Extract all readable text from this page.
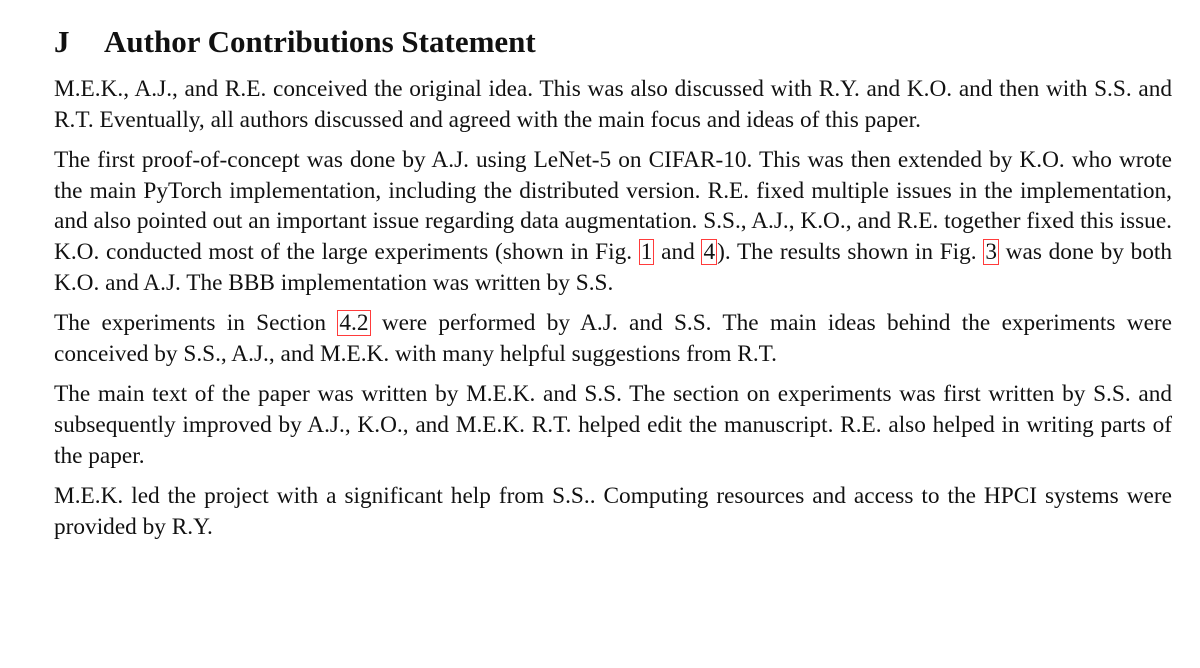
J	Author Contributions Statement

M.E.K., A.J., and R.E. conceived the original idea. This was also discussed with R.Y. and K.O. and then with S.S. and R.T. Eventually, all authors discussed and agreed with the main focus and ideas of this paper.

The first proof-of-concept was done by A.J. using LeNet-5 on CIFAR-10. This was then extended by K.O. who wrote the main PyTorch implementation, including the distributed version. R.E. fixed multiple issues in the implementation, and also pointed out an important issue regarding data augmentation. S.S., A.J., K.O., and R.E. together fixed this issue. K.O. conducted most of the large experiments (shown in Fig. 1 and 4). The results shown in Fig. 3 was done by both K.O. and A.J. The BBB implementation was written by S.S.

The experiments in Section 4.2 were performed by A.J. and S.S. The main ideas behind the experiments were conceived by S.S., A.J., and M.E.K. with many helpful suggestions from R.T.

The main text of the paper was written by M.E.K. and S.S. The section on experiments was first written by S.S. and subsequently improved by A.J., K.O., and M.E.K. R.T. helped edit the manuscript. R.E. also helped in writing parts of the paper.

M.E.K. led the project with a significant help from S.S.. Computing resources and access to the HPCI systems were provided by R.Y.
